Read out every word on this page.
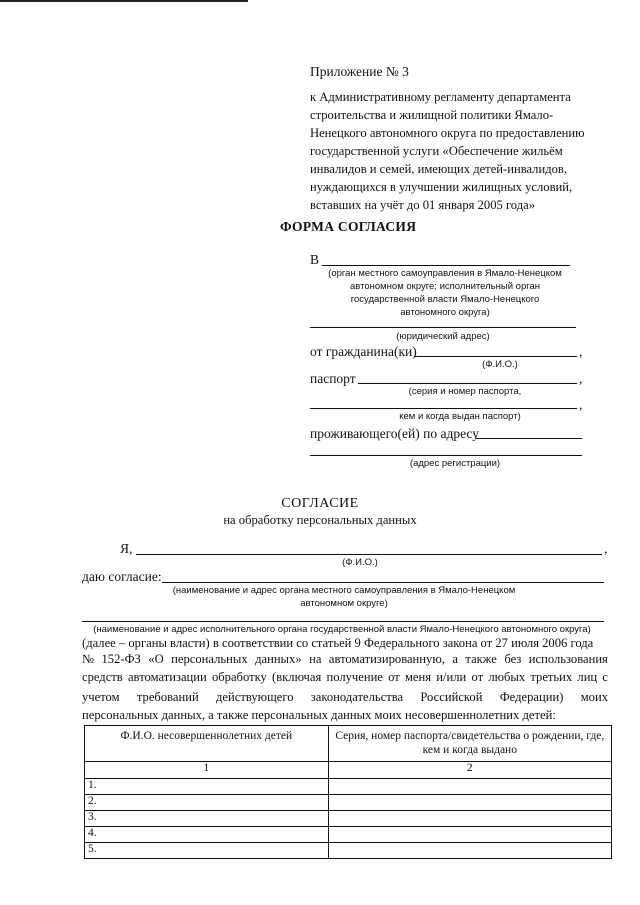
Приложение № 3
к Административному регламенту департамента
строительства и жилищной политики Ямало-
Ненецкого автономного округа по предоставлению
государственной услуги «Обеспечение жильём
инвалидов и семей, имеющих детей-инвалидов,
нуждающихся в улучшении жилищных условий,
вставших на учёт до 01 января 2005 года»
ФОРМА СОГЛАСИЯ
В
(орган местного самоуправления в Ямало-Ненецком
автономном округе; исполнительный орган
государственной власти Ямало-Ненецкого
автономного округа)
(юридический адрес)
от гражданина(ки)	,
(Ф.И.О.)
паспорт	,
(серия и номер паспорта,
,
кем и когда выдан паспорт)
проживающего(ей) по адресу
(адрес регистрации)
СОГЛАСИЕ
на обработку персональных данных
Я,	,
(Ф.И.О.)
даю согласие:
(наименование и адрес органа местного самоуправления в Ямало-Ненецком
автономном округе)
(наименование и адрес исполнительного органа государственной власти Ямало-Ненецкого автономного округа)
(далее – органы власти) в соответствии со статьей 9 Федерального закона от 27 июля 2006 года
№ 152-ФЗ «О персональных данных» на автоматизированную, а также без использования
средств автоматизации обработку (включая получение от меня и/или от любых третьих лиц с
учетом требований действующего законодательства Российской Федерации) моих
персональных данных, а также персональных данных моих несовершеннолетних детей:
Ф.И.О. несовершеннолетних детей	Серия, номер паспорта/свидетельства о рождении, где, кем и когда выдано
1	2
1.	
2.	
3.	
4.	
5.	
